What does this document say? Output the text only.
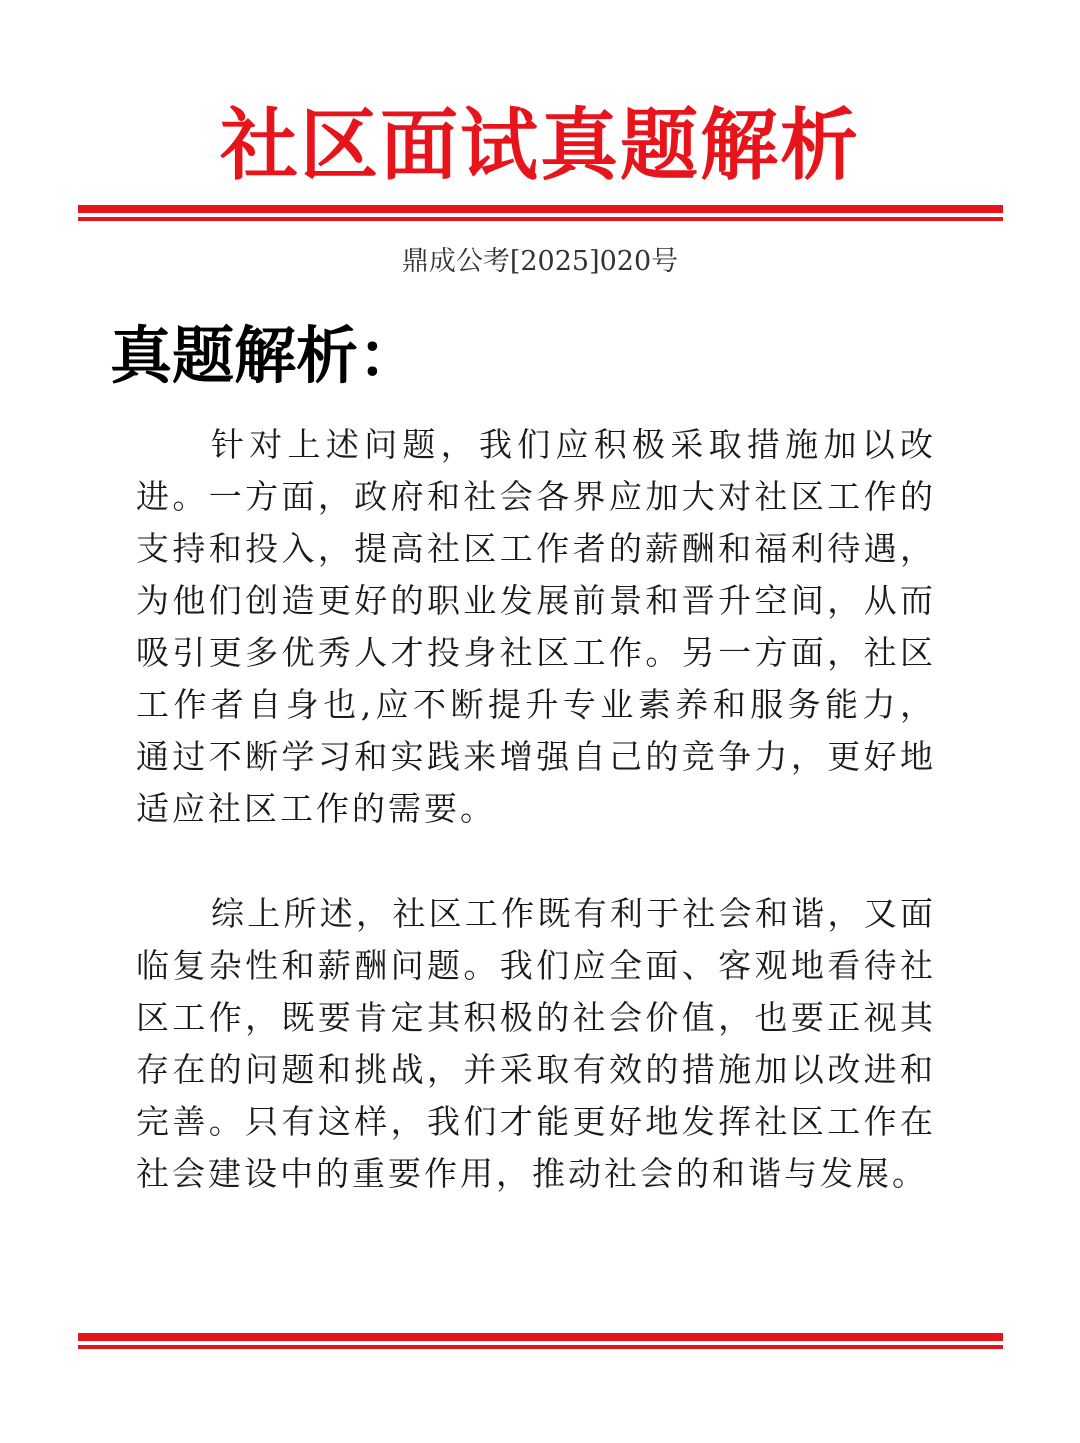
社区面试真题解析
鼎成公考[2025]020号
真题解析：

针对上述问题，我们应积极采取措施加以改进。一方面，政府和社会各界应加大对社区工作的支持和投入，提高社区工作者的薪酬和福利待遇，为他们创造更好的职业发展前景和晋升空间，从而吸引更多优秀人才投身社区工作。另一方面，社区工作者自身也,应不断提升专业素养和服务能力，通过不断学习和实践来增强自己的竞争力，更好地适应社区工作的需要。

综上所述，社区工作既有利于社会和谐，又面临复杂性和薪酬问题。我们应全面、客观地看待社区工作，既要肯定其积极的社会价值，也要正视其存在的问题和挑战，并采取有效的措施加以改进和完善。只有这样，我们才能更好地发挥社区工作在社会建设中的重要作用，推动社会的和谐与发展。
